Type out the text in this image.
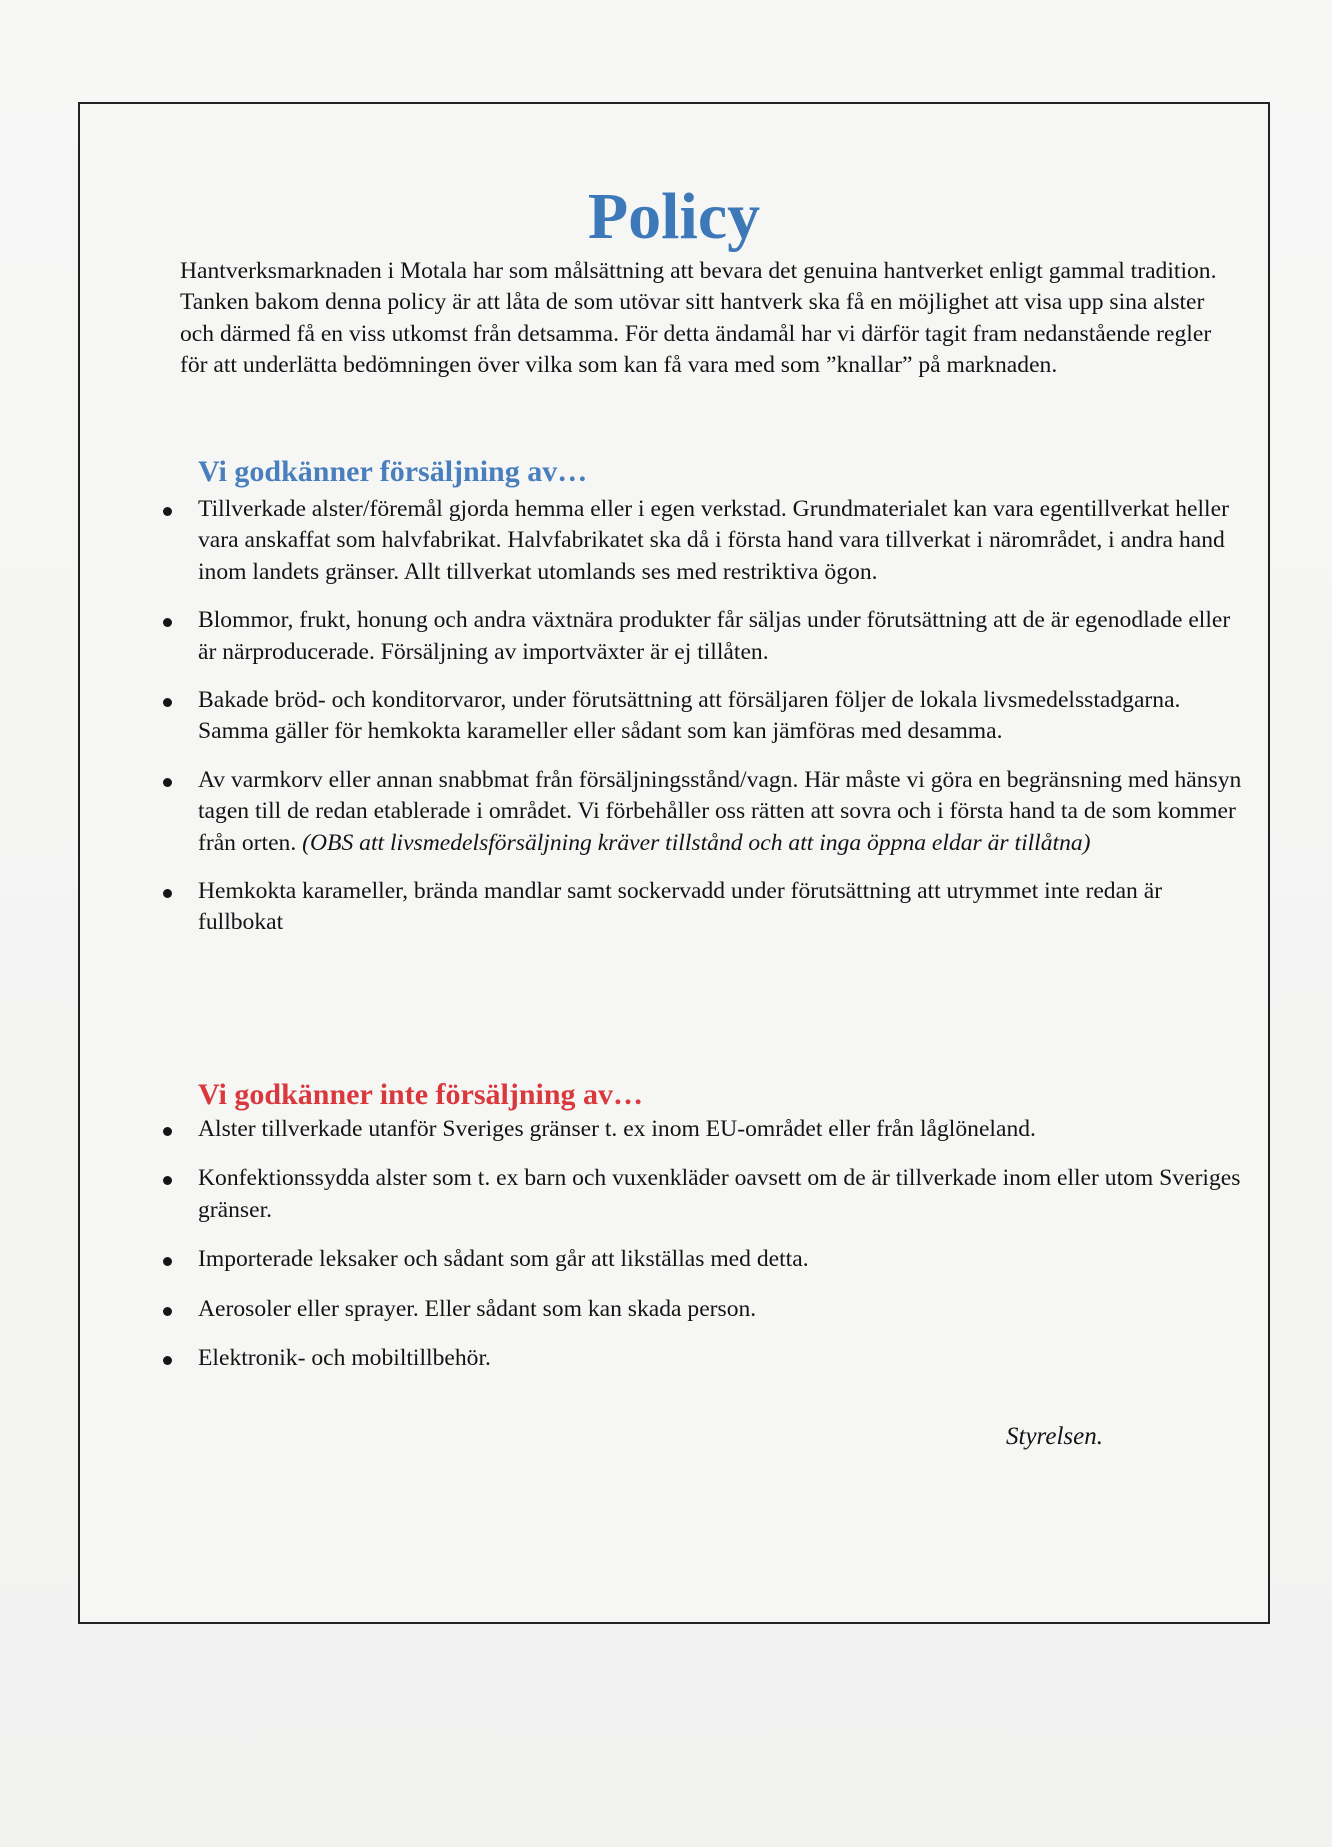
Policy
Hantverksmarknaden i Motala har som målsättning att bevara det genuina hantverket enligt gammal tradition. Tanken bakom denna policy är att låta de som utövar sitt hantverk ska få en möjlighet att visa upp sina alster och därmed få en viss utkomst från detsamma. För detta ändamål har vi därför tagit fram nedanstående regler för att underlätta bedömningen över vilka som kan få vara med som ”knallar” på marknaden.
Vi godkänner försäljning av…
Tillverkade alster/föremål gjorda hemma eller i egen verkstad. Grundmaterialet kan vara egentillverkat heller vara anskaffat som halvfabrikat. Halvfabrikatet ska då i första hand vara tillverkat i närområdet, i andra hand inom landets gränser. Allt tillverkat utomlands ses med restriktiva ögon.
Blommor, frukt, honung och andra växtnära produkter får säljas under förutsättning att de är egenodlade eller är närproducerade. Försäljning av importväxter är ej tillåten.
Bakade bröd- och konditorvaror, under förutsättning att försäljaren följer de lokala livsmedelsstadgarna. Samma gäller för hemkokta karameller eller sådant som kan jämföras med desamma.
Av varmkorv eller annan snabbmat från försäljningsstånd/vagn. Här måste vi göra en begränsning med hänsyn tagen till de redan etablerade i området. Vi förbehåller oss rätten att sovra och i första hand ta de som kommer från orten. (OBS att livsmedelsförsäljning kräver tillstånd och att inga öppna eldar är tillåtna)
Hemkokta karameller, brända mandlar samt sockervadd under förutsättning att utrymmet inte redan är fullbokat
Vi godkänner inte försäljning av…
Alster tillverkade utanför Sveriges gränser t. ex inom EU-området eller från låglöneland.
Konfektionssydda alster som t. ex barn och vuxenkläder oavsett om de är tillverkade inom eller utom Sveriges gränser.
Importerade leksaker och sådant som går att likställas med detta.
Aerosoler eller sprayer. Eller sådant som kan skada person.
Elektronik- och mobiltillbehör.
Styrelsen.
